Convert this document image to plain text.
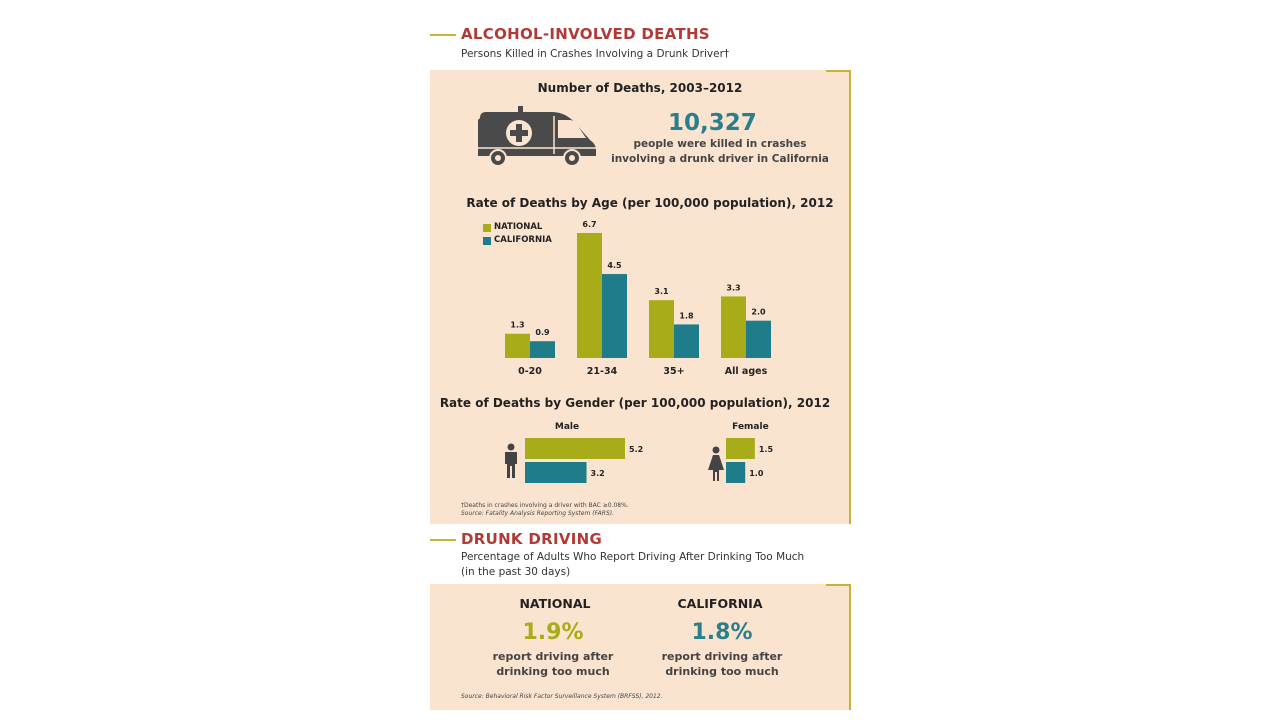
ALCOHOL-INVOLVED DEATHS
Persons Killed in Crashes Involving a Drunk Driver†
Number of Deaths, 2003–2012
10,327
people were killed in crashes
involving a drunk driver in California
Rate of Deaths by Age (per 100,000 population), 2012
NATIONAL
CALIFORNIA
1.3
0.9
0-20
6.7
4.5
21-34
3.1
1.8
35+
3.3
2.0
All ages
Rate of Deaths by Gender (per 100,000 population), 2012
Male
5.2
3.2
Female
1.5
1.0
†Deaths in crashes involving a driver with BAC ≥0.08%.
Source: Fatality Analysis Reporting System (FARS).
DRUNK DRIVING
Percentage of Adults Who Report Driving After Drinking Too Much
(in the past 30 days)
NATIONAL	CALIFORNIA
1.9%	1.8%
report driving after
drinking too much
report driving after
drinking too much
Source: Behavioral Risk Factor Surveillance System (BRFSS), 2012.
